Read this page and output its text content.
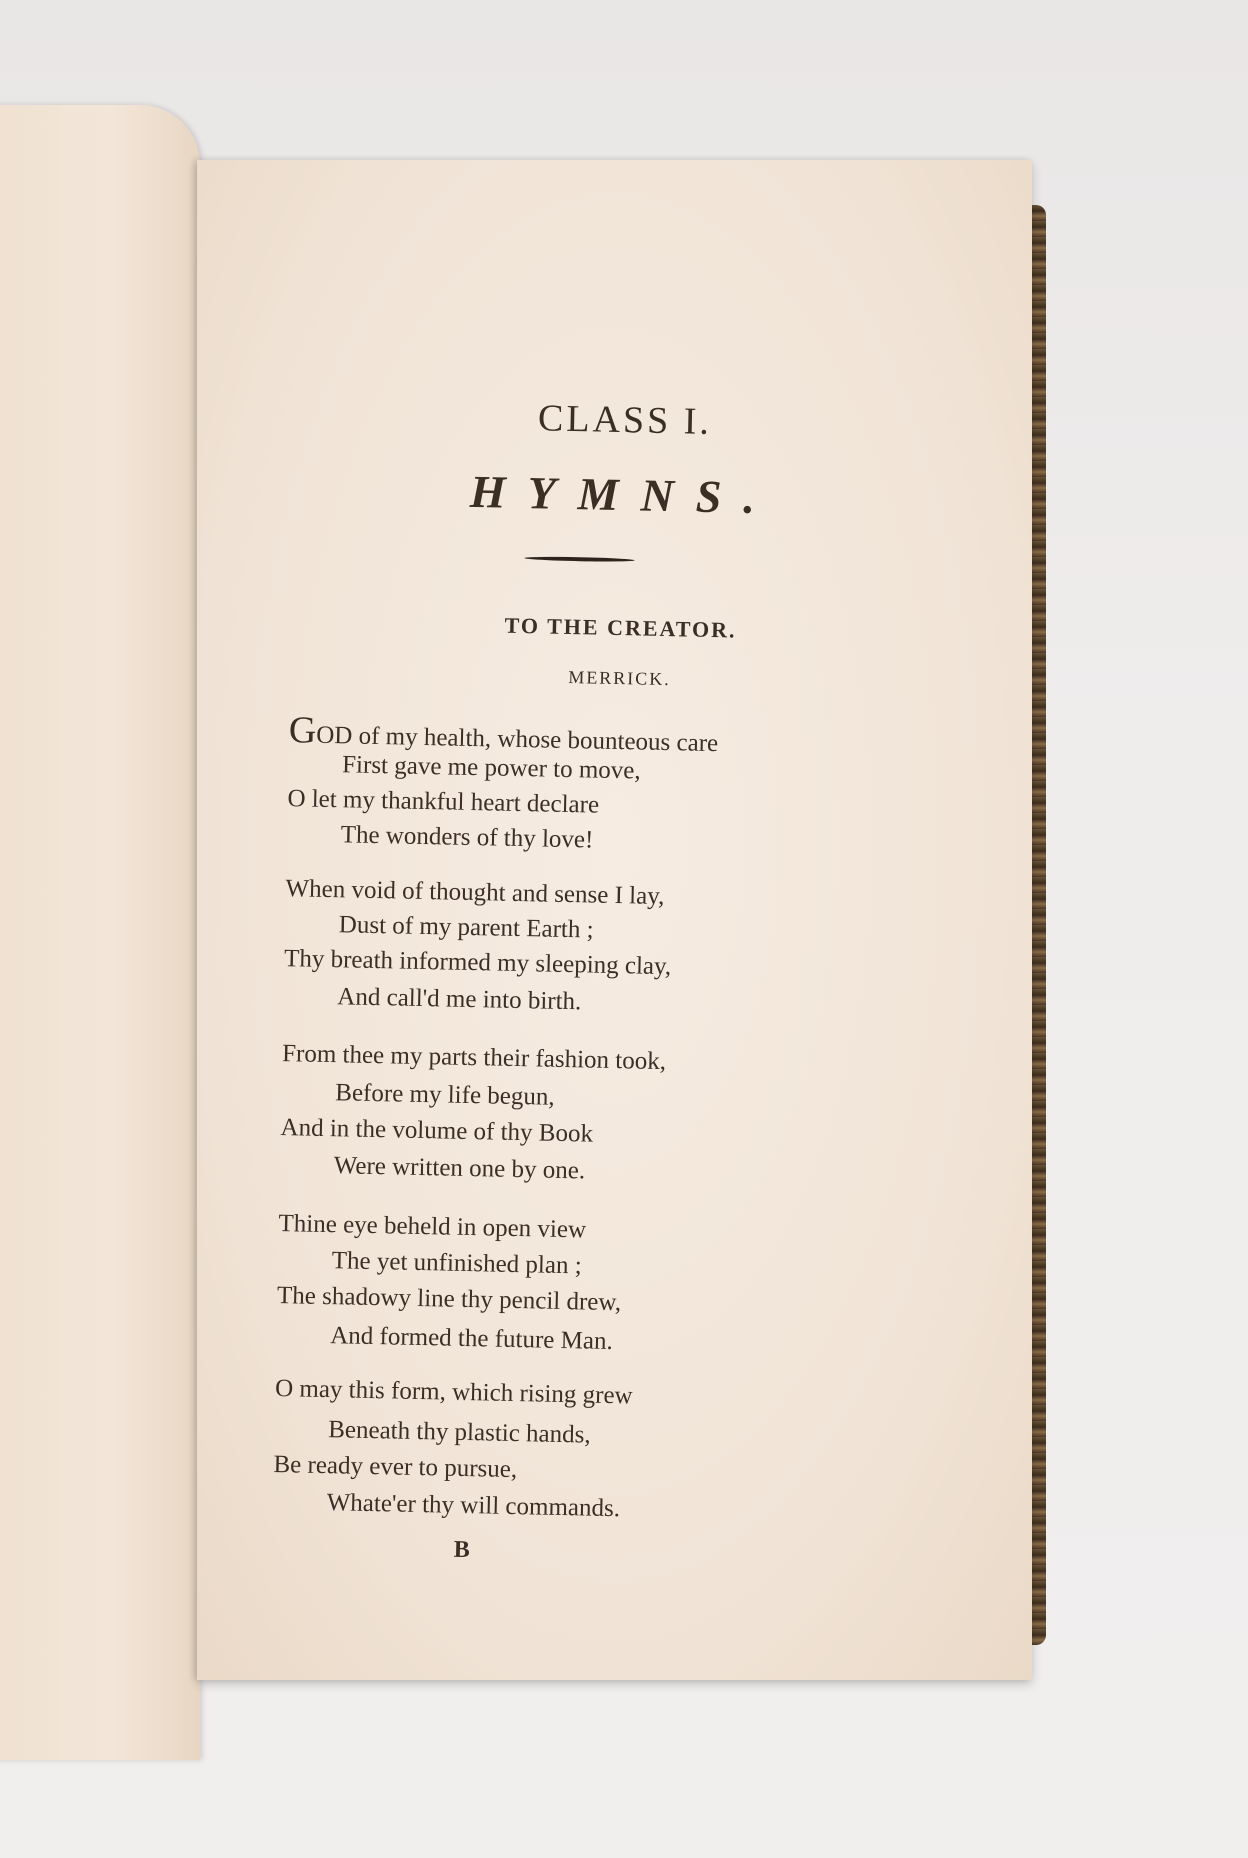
CLASS I.
HYMNS.
TO THE CREATOR.
MERRICK.
GOD of my health, whose bounteous care
First gave me power to move,
O let my thankful heart declare
The wonders of thy love!
When void of thought and sense I lay,
Dust of my parent Earth ;
Thy breath informed my sleeping clay,
And call'd me into birth.
From thee my parts their fashion took,
Before my life begun,
And in the volume of thy Book
Were written one by one.
Thine eye beheld in open view
The yet unfinished plan ;
The shadowy line thy pencil drew,
And formed the future Man.
O may this form, which rising grew
Beneath thy plastic hands,
Be ready ever to pursue,
Whate'er thy will commands.
B
